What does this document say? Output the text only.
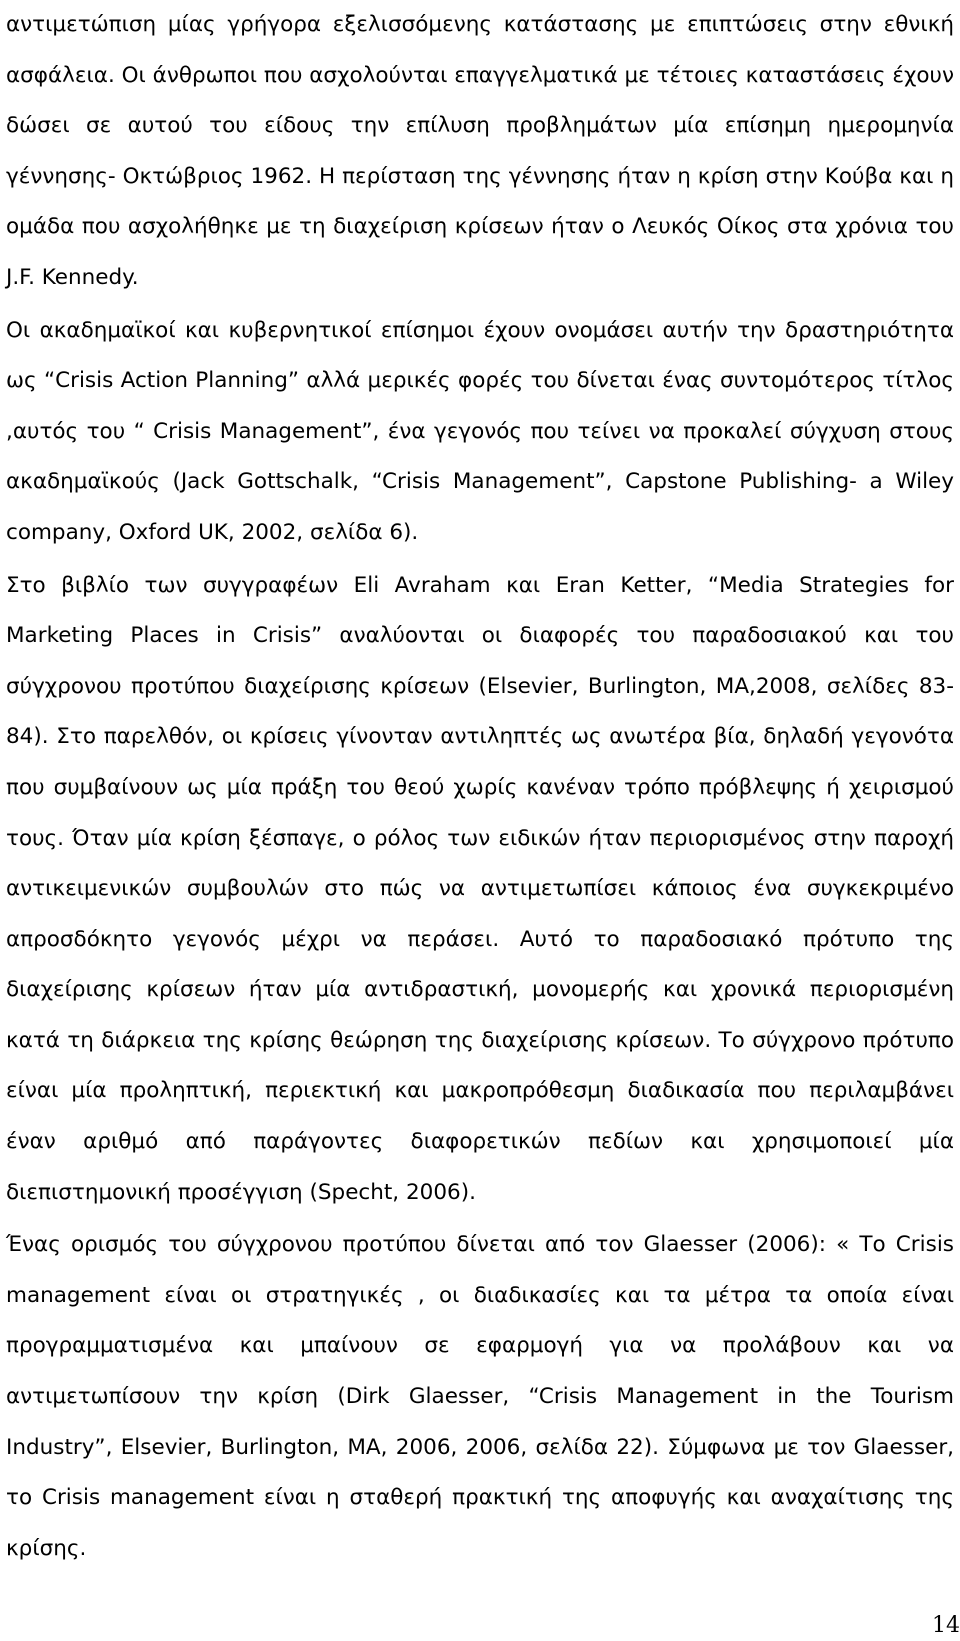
αντιμετώπιση μίας γρήγορα εξελισσόμενης κατάστασης με επιπτώσεις στην εθνική ασφάλεια. Οι άνθρωποι που ασχολούνται επαγγελματικά με τέτοιες καταστάσεις έχουν δώσει σε αυτού του είδους την επίλυση προβλημάτων μία επίσημη ημερομηνία γέννησης- Οκτώβριος 1962. Η περίσταση της γέννησης ήταν η κρίση στην Κούβα και η ομάδα που ασχολήθηκε με τη διαχείριση κρίσεων ήταν ο Λευκός Οίκος στα χρόνια του J.F. Kennedy.

Οι ακαδημαϊκοί και κυβερνητικοί επίσημοι έχουν ονομάσει αυτήν την δραστηριότητα ως “Crisis Action Planning” αλλά μερικές φορές του δίνεται ένας συντομότερος τίτλος ,αυτός του “ Crisis Management”, ένα γεγονός που τείνει να προκαλεί σύγχυση στους ακαδημαϊκούς (Jack Gottschalk, “Crisis Management”, Capstone Publishing- a Wiley company, Oxford UK, 2002, σελίδα 6).

Στο βιβλίο των συγγραφέων Eli Avraham και Eran Ketter, “Media Strategies for Marketing Places in Crisis” αναλύονται οι διαφορές του παραδοσιακού και του σύγχρονου προτύπου διαχείρισης κρίσεων (Elsevier, Burlington, MA,2008, σελίδες 83-84). Στο παρελθόν, οι κρίσεις γίνονταν αντιληπτές ως ανωτέρα βία, δηλαδή γεγονότα που συμβαίνουν ως μία πράξη του θεού χωρίς κανέναν τρόπο πρόβλεψης ή χειρισμού τους. Όταν μία κρίση ξέσπαγε, ο ρόλος των ειδικών ήταν περιορισμένος στην παροχή αντικειμενικών συμβουλών στο πώς να αντιμετωπίσει κάποιος ένα συγκεκριμένο απροσδόκητο γεγονός μέχρι να περάσει. Αυτό το παραδοσιακό πρότυπο της διαχείρισης κρίσεων ήταν μία αντιδραστική, μονομερής και χρονικά περιορισμένη κατά τη διάρκεια της κρίσης θεώρηση της διαχείρισης κρίσεων. Το σύγχρονο πρότυπο είναι μία προληπτική, περιεκτική και μακροπρόθεσμη διαδικασία που περιλαμβάνει έναν αριθμό από παράγοντες διαφορετικών πεδίων και χρησιμοποιεί μία διεπιστημονική προσέγγιση (Specht, 2006).

Ένας ορισμός του σύγχρονου προτύπου δίνεται από τον Glaesser (2006): « Το Crisis management είναι οι στρατηγικές , οι διαδικασίες και τα μέτρα τα οποία είναι προγραμματισμένα και μπαίνουν σε εφαρμογή για να προλάβουν και να αντιμετωπίσουν την κρίση (Dirk Glaesser, “Crisis Management in the Tourism Industry”, Elsevier, Burlington, MA, 2006, 2006, σελίδα 22). Σύμφωνα με τον Glaesser, το Crisis management είναι η σταθερή πρακτική της αποφυγής και αναχαίτισης της κρίσης.

14
